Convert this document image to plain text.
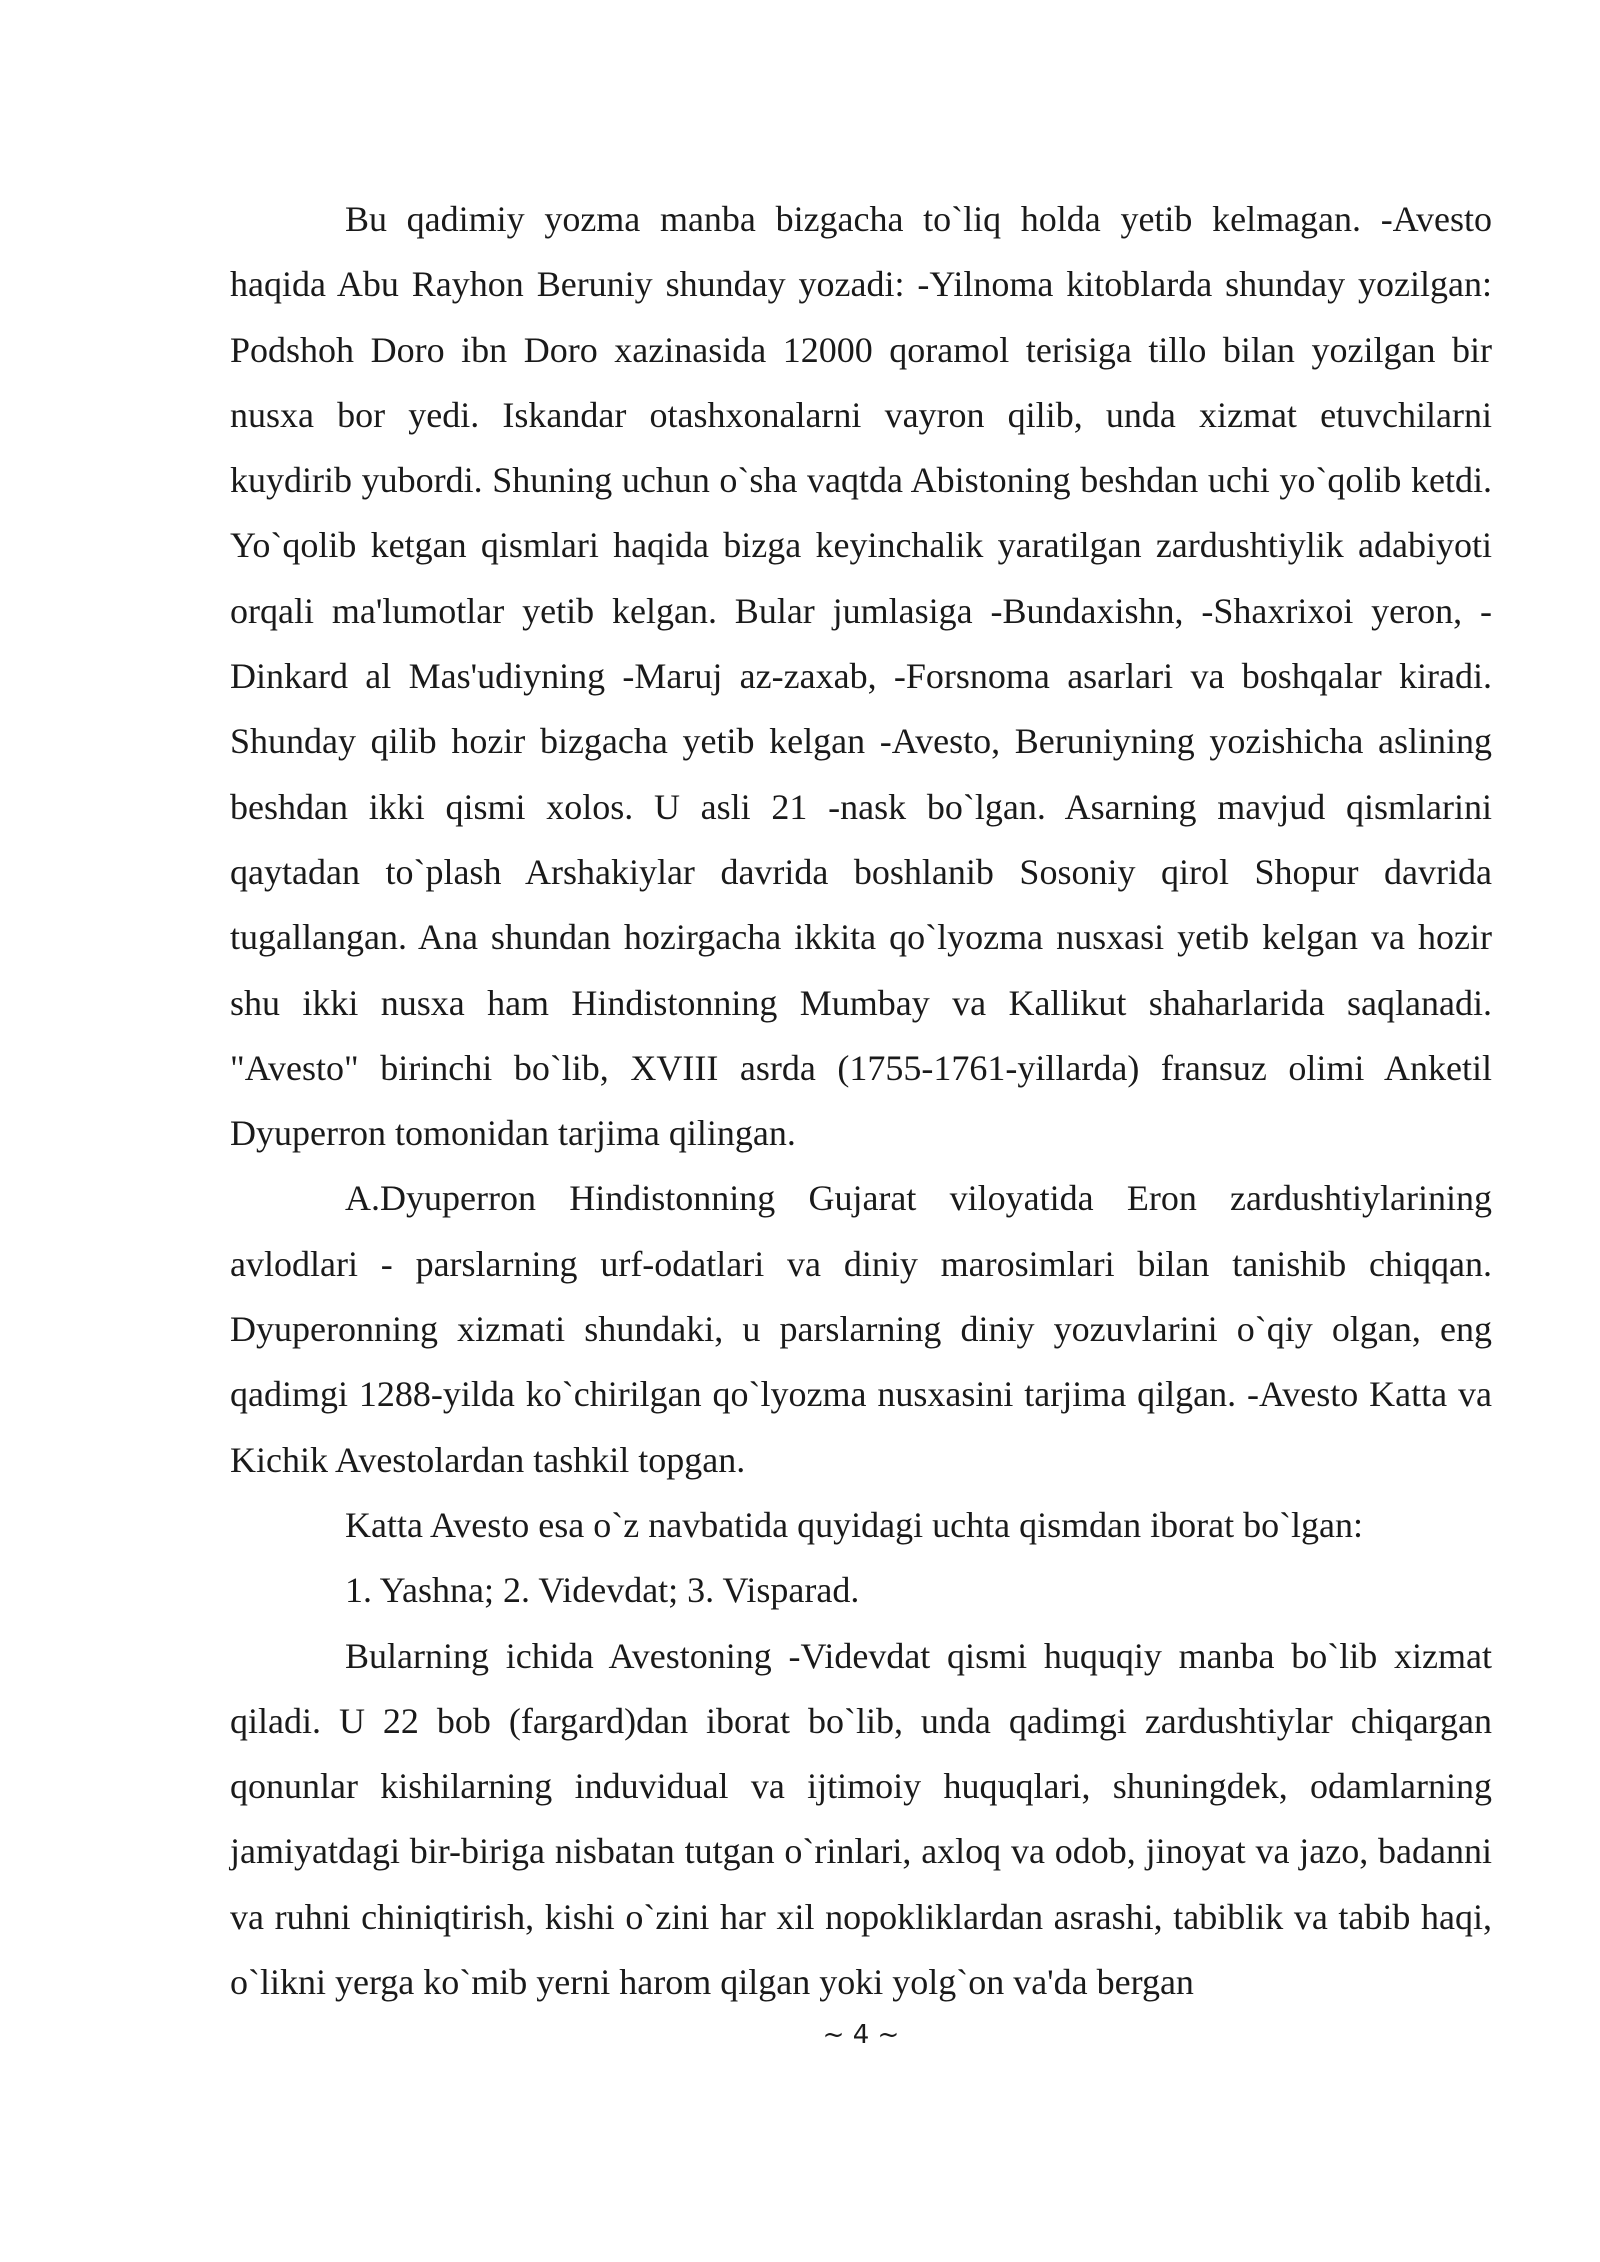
Bu qadimiy yozma manba bizgacha to`liq holda yetib kelmagan. -Avesto haqida Abu Rayhon Beruniy shunday yozadi: -Yilnoma kitoblarda shunday yozilgan: Podshoh Doro ibn Doro xazinasida 12000 qoramol terisiga tillo bilan yozilgan bir nusxa bor yedi. Iskandar otashxonalarni vayron qilib, unda xizmat etuvchilarni kuydirib yubordi. Shuning uchun o`sha vaqtda Abistoning beshdan uchi yo`qolib ketdi. Yo`qolib ketgan qismlari haqida bizga keyinchalik yaratilgan zardushtiylik adabiyoti orqali ma'lumotlar yetib kelgan. Bular jumlasiga -Bundaxishn, -Shaxrixoi yeron, -Dinkard al Mas'udiyning -Maruj az-zaxab, -Forsnoma asarlari va boshqalar kiradi. Shunday qilib hozir bizgacha yetib kelgan -Avesto, Beruniyning yozishicha aslining beshdan ikki qismi xolos. U asli 21 -nask bo`lgan. Asarning mavjud qismlarini qaytadan to`plash Arshakiylar davrida boshlanib Sosoniy qirol Shopur davrida tugallangan. Ana shundan hozirgacha ikkita qo`lyozma nusxasi yetib kelgan va hozir shu ikki nusxa ham Hindistonning Mumbay va Kallikut shaharlarida saqlanadi. "Avesto" birinchi bo`lib, XVIII asrda (1755-1761-yillarda) fransuz olimi Anketil Dyuperron tomonidan tarjima qilingan.

A.Dyuperron Hindistonning Gujarat viloyatida Eron zardushtiylarining avlodlari - parslarning urf-odatlari va diniy marosimlari bilan tanishib chiqqan. Dyuperonning xizmati shundaki, u parslarning diniy yozuvlarini o`qiy olgan, eng qadimgi 1288-yilda ko`chirilgan qo`lyozma nusxasini tarjima qilgan. -Avesto Katta va Kichik Avestolardan tashkil topgan.

Katta Avesto esa o`z navbatida quyidagi uchta qismdan iborat bo`lgan:

1. Yashna; 2. Videvdat; 3. Visparad.

Bularning ichida Avestoning -Videvdat qismi huquqiy manba bo`lib xizmat qiladi. U 22 bob (fargard)dan iborat bo`lib, unda qadimgi zardushtiylar chiqargan qonunlar kishilarning induvidual va ijtimoiy huquqlari, shuningdek, odamlarning jamiyatdagi bir-biriga nisbatan tutgan o`rinlari, axloq va odob, jinoyat va jazo, badanni va ruhni chiniqtirish, kishi o`zini har xil nopokliklardan asrashi, tabiblik va tabib haqi, o`likni yerga ko`mib yerni harom qilgan yoki yolg`on va'da bergan

~ 4 ~
